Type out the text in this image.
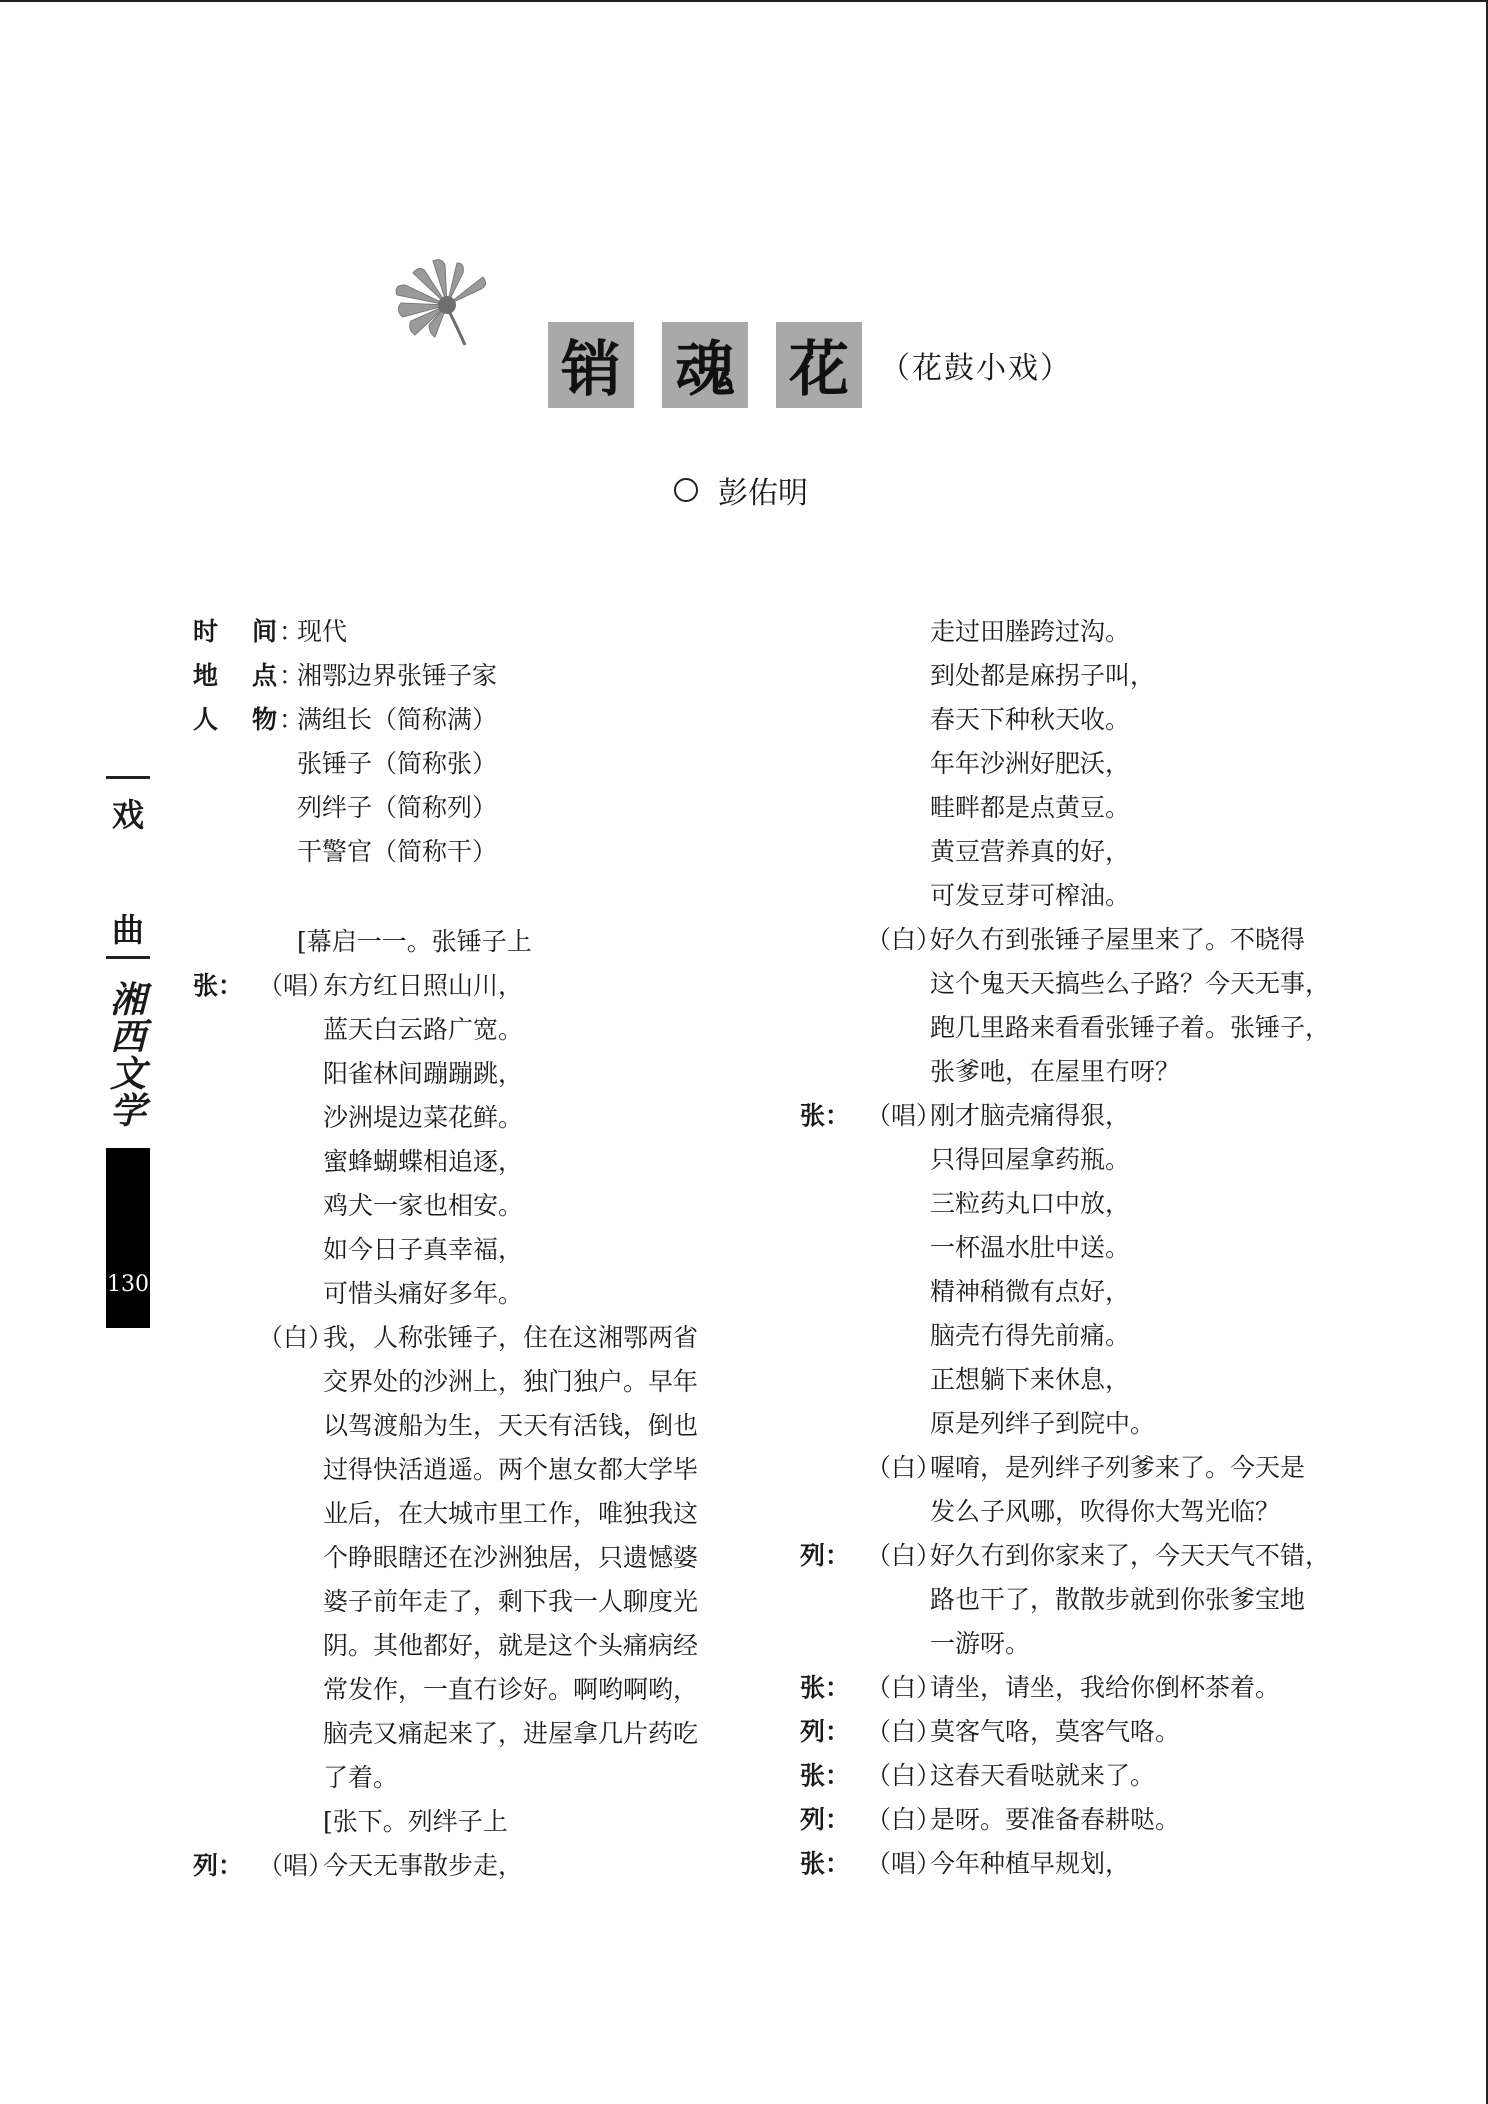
销 魂 花	（花鼓小戏）
彭佑明
戏
曲
湘
西
文
学
130
时 间 ：
现代
地 点 ：
湘鄂边界张锤子家
人 物 ：
满组长（简称满）
张锤子（简称张）
列绊子（简称列）
干警官（简称干）
[幕启一一。张锤子上
张： （唱）
东方红日照山川，
蓝天白云路广宽。
阳雀林间蹦蹦跳，
沙洲堤边菜花鲜。
蜜蜂蝴蝶相追逐，
鸡犬一家也相安。
如今日子真幸福，
可惜头痛好多年。
（白）
我，人称张锤子，住在这湘鄂两省
交界处的沙洲上，独门独户。早年
以驾渡船为生，天天有活钱，倒也
过得快活逍遥。两个崽女都大学毕
业后，在大城市里工作，唯独我这
个睁眼瞎还在沙洲独居，只遗憾婆
婆子前年走了，剩下我一人聊度光
阴。其他都好，就是这个头痛病经
常发作，一直冇诊好。啊哟啊哟，
脑壳又痛起来了，进屋拿几片药吃
了着。
[张下。列绊子上
列： （唱）
今天无事散步走，
走过田塍跨过沟。
到处都是麻拐子叫，
春天下种秋天收。
年年沙洲好肥沃，
畦畔都是点黄豆。
黄豆营养真的好，
可发豆芽可榨油。
（白）
好久冇到张锤子屋里来了。不晓得
这个鬼天天搞些么子路？今天无事，
跑几里路来看看张锤子着。张锤子，
张爹吔，在屋里冇呀？
张： （唱）
刚才脑壳痛得狠，
只得回屋拿药瓶。
三粒药丸口中放，
一杯温水肚中送。
精神稍微有点好，
脑壳冇得先前痛。
正想躺下来休息，
原是列绊子到院中。
（白）
喔唷，是列绊子列爹来了。今天是
发么子风哪，吹得你大驾光临？
列： （白）
好久冇到你家来了，今天天气不错，
路也干了，散散步就到你张爹宝地
一游呀。
张： （白）
请坐，请坐，我给你倒杯茶着。
列： （白）
莫客气咯，莫客气咯。
张： （白）
这春天看哒就来了。
列： （白）
是呀。要准备春耕哒。
张： （唱）
今年种植早规划，
